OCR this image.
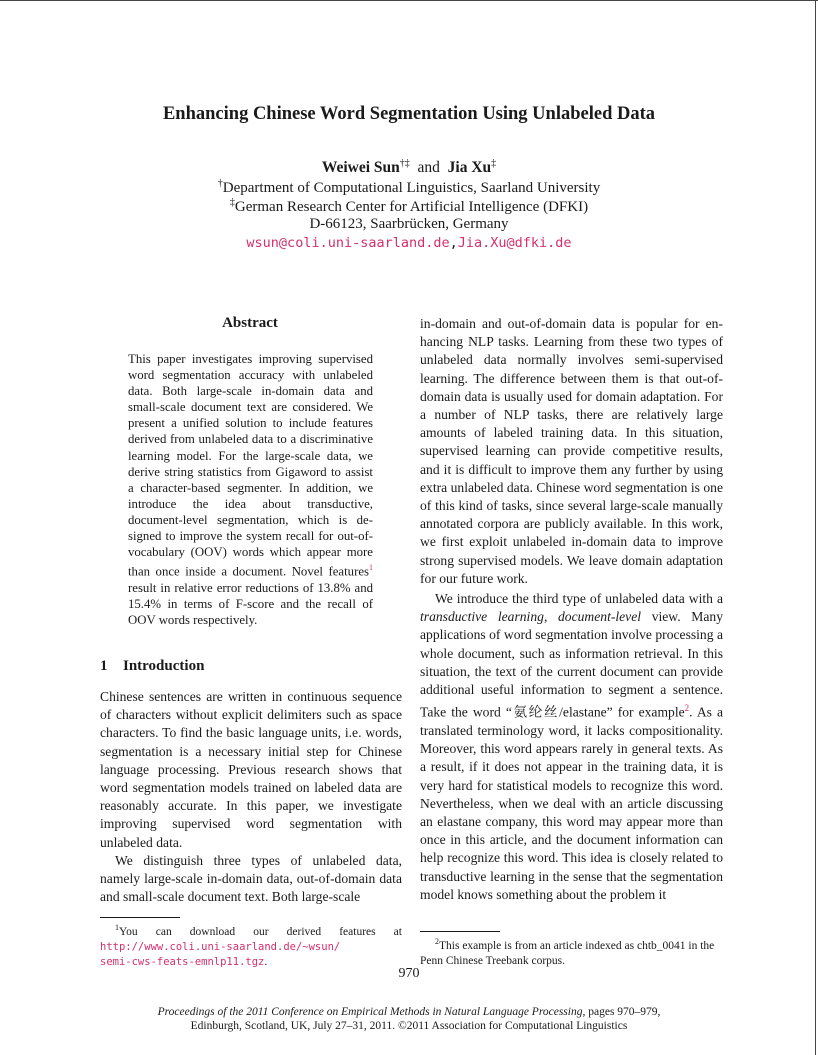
Enhancing Chinese Word Segmentation Using Unlabeled Data
Weiwei Sun†‡ and Jia Xu‡
†Department of Computational Linguistics, Saarland University
‡German Research Center for Artificial Intelligence (DFKI)
D-66123, Saarbrücken, Germany
wsun@coli.uni-saarland.de,Jia.Xu@dfki.de
Abstract
This paper investigates improving supervised word segmentation accuracy with unlabeled data. Both large-scale in-domain data and small-scale document text are considered. We present a unified solution to include features derived from unlabeled data to a discriminative learning model. For the large-scale data, we derive string statistics from Gigaword to assist a character-based segmenter. In addition, we introduce the idea about transductive, document-level segmentation, which is designed to improve the system recall for out-of-vocabulary (OOV) words which appear more than once inside a document. Novel features$^1$ result in relative error reductions of 13.8% and 15.4% in terms of F-score and the recall of OOV words respectively.
1 Introduction

Chinese sentences are written in continuous sequence of characters without explicit delimiters such as space characters. To find the basic language units, i.e. words, segmentation is a necessary initial step for Chinese language processing. Previous research shows that word segmentation models trained on labeled data are reasonably accurate. In this paper, we investigate improving supervised word segmentation with unlabeled data.

We distinguish three types of unlabeled data, namely large-scale in-domain data, out-of-domain data and small-scale document text. Both large-scale

in-domain and out-of-domain data is popular for enhancing NLP tasks. Learning from these two types of unlabeled data normally involves semi-supervised learning. The difference between them is that out-of-domain data is usually used for domain adaptation. For a number of NLP tasks, there are relatively large amounts of labeled training data. In this situation, supervised learning can provide competitive results, and it is difficult to improve them any further by using extra unlabeled data. Chinese word segmentation is one of this kind of tasks, since several large-scale manually annotated corpora are publicly available. In this work, we first exploit unlabeled in-domain data to improve strong supervised models. We leave domain adaptation for our future work.

We introduce the third type of unlabeled data with a transductive learning, document-level view. Many applications of word segmentation involve processing a whole document, such as information retrieval. In this situation, the text of the current document can provide additional useful information to segment a sentence. Take the word “氨纶丝/elastane” for example$^2$. As a translated terminology word, it lacks compositionality. Moreover, this word appears rarely in general texts. As a result, if it does not appear in the training data, it is very hard for statistical models to recognize this word. Nevertheless, when we deal with an article discussing an elastane company, this word may appear more than once in this article, and the document information can help recognize this word. This idea is closely related to transductive learning in the sense that the segmentation model knows something about the problem it

$^1$You can download our derived features at
http://www.coli.uni-saarland.de/~wsun/
semi-cws-feats-emnlp11.tgz.
$^2$This example is from an article indexed as chtb_0041 in the Penn Chinese Treebank corpus.
970
Proceedings of the 2011 Conference on Empirical Methods in Natural Language Processing, pages 970–979,
Edinburgh, Scotland, UK, July 27–31, 2011. ©2011 Association for Computational Linguistics
